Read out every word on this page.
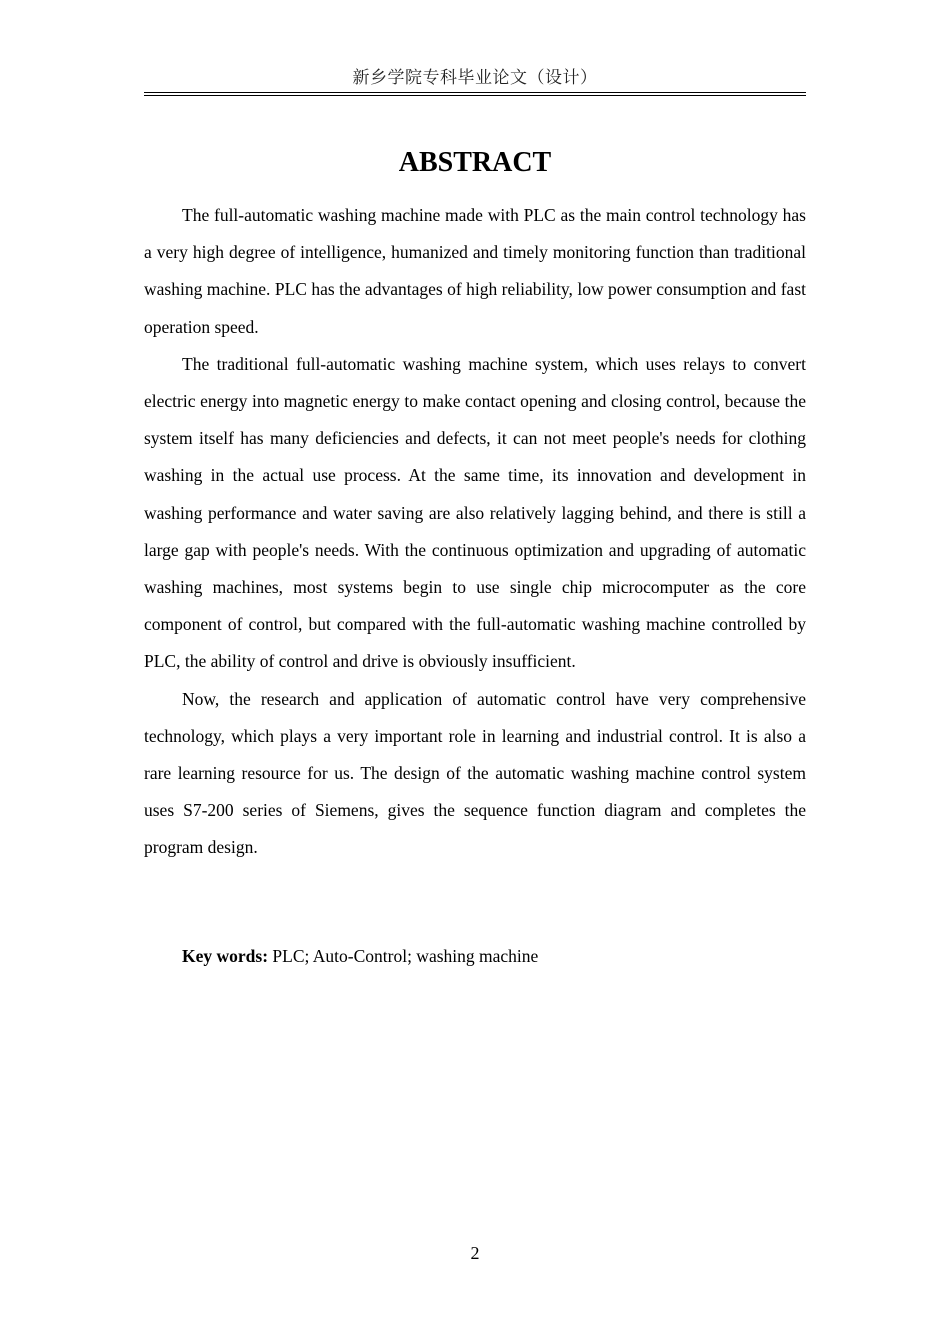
新乡学院专科毕业论文（设计）
ABSTRACT

The full-automatic washing machine made with PLC as the main control technology has a very high degree of intelligence, humanized and timely monitoring function than traditional washing machine. PLC has the advantages of high reliability, low power consumption and fast operation speed.

The traditional full-automatic washing machine system, which uses relays to convert electric energy into magnetic energy to make contact opening and closing control, because the system itself has many deficiencies and defects, it can not meet people's needs for clothing washing in the actual use process. At the same time, its innovation and development in washing performance and water saving are also relatively lagging behind, and there is still a large gap with people's needs. With the continuous optimization and upgrading of automatic washing machines, most systems begin to use single chip microcomputer as the core component of control, but compared with the full-automatic washing machine controlled by PLC, the ability of control and drive is obviously insufficient.

Now, the research and application of automatic control have very comprehensive technology, which plays a very important role in learning and industrial control. It is also a rare learning resource for us. The design of the automatic washing machine control system uses S7-200 series of Siemens, gives the sequence function diagram and completes the program design.

Key words: PLC; Auto-Control; washing machine

2
